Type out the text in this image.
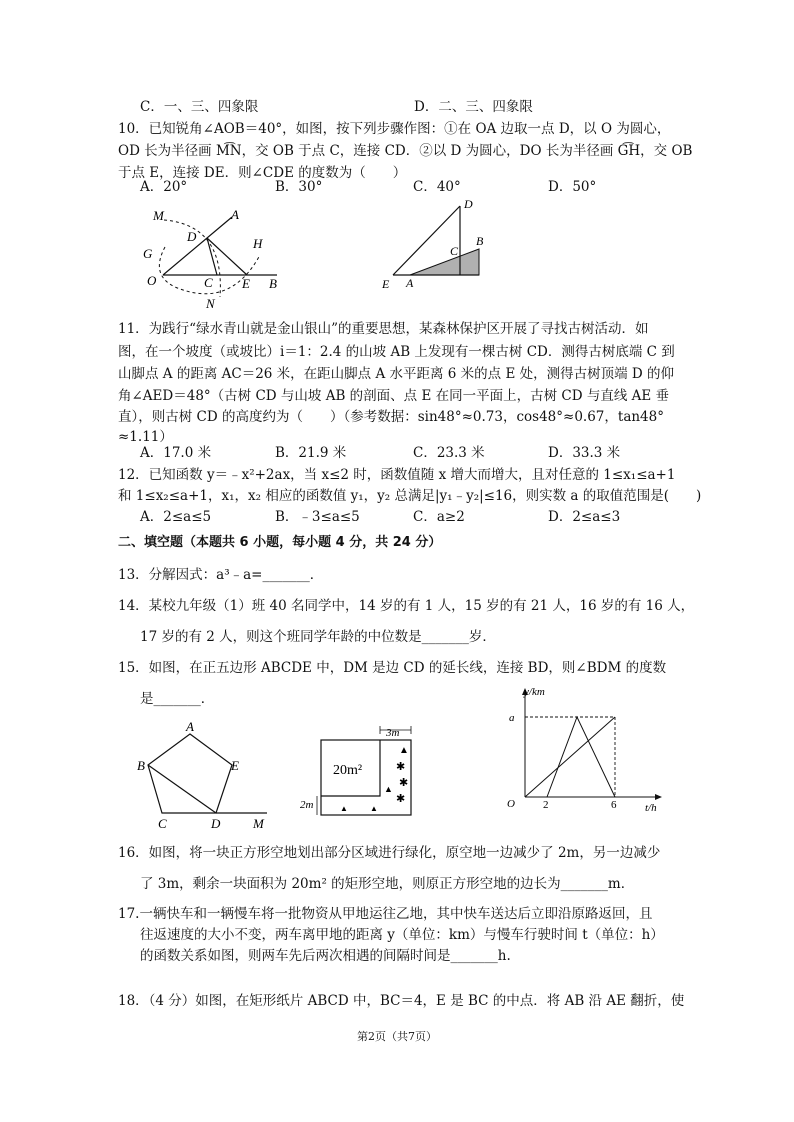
C．一、三、四象限	D．二、三、四象限
10．已知锐角∠AOB＝40°，如图，按下列步骤作图：①在 OA 边取一点 D，以 O 为圆心，
OD 长为半径画 M͡N，交 OB 于点 C，连接 CD．②以 D 为圆心，DO 长为半径画 G͡H，交 OB
于点 E，连接 DE．则∠CDE 的度数为（　　）
A．20°	B．30°	C．40°	D．50°
M	A
D	H
G
O	C E B
N
D
B
C
E A
11．为践行“绿水青山就是金山银山”的重要思想，某森林保护区开展了寻找古树活动．如
图，在一个坡度（或坡比）i＝1：2.4 的山坡 AB 上发现有一棵古树 CD．测得古树底端 C 到
山脚点 A 的距离 AC＝26 米，在距山脚点 A 水平距离 6 米的点 E 处，测得古树顶端 D 的仰
角∠AED＝48°（古树 CD 与山坡 AB 的剖面、点 E 在同一平面上，古树 CD 与直线 AE 垂
直），则古树 CD 的高度约为（　　）（参考数据：sin48°≈0.73，cos48°≈0.67，tan48°
≈1.11）
A．17.0 米	B．21.9 米	C．23.3 米	D．33.3 米
12．已知函数 y＝﹣x²+2ax，当 x≤2 时，函数值随 x 增大而增大，且对任意的 1≤x₁≤a+1
和 1≤x₂≤a+1，x₁，x₂ 相应的函数值 y₁，y₂ 总满足|y₁﹣y₂|≤16，则实数 a 的取值范围是(　　)
A．2≤a≤5	B．﹣3≤a≤5	C．a≥2	D．2≤a≤3
二、填空题（本题共 6 小题，每小题 4 分，共 24 分）
13．分解因式：a³﹣a=_______．
14．某校九年级（1）班 40 名同学中，14 岁的有 1 人，15 岁的有 21 人，16 岁的有 16 人，
17 岁的有 2 人，则这个班同学年龄的中位数是_______岁．
15．如图，在正五边形 ABCDE 中，DM 是边 CD 的延长线，连接 BD，则∠BDM 的度数
是_______．
A
B	E
C	D	M
20m²
3m
2m
▲
✱
✱
▲
✱
▲	▲
y/km
t/h
a
O	2	6
16．如图，将一块正方形空地划出部分区域进行绿化，原空地一边减少了 2m，另一边减少
了 3m，剩余一块面积为 20m² 的矩形空地，则原正方形空地的边长为_______m．
17.一辆快车和一辆慢车将一批物资从甲地运往乙地，其中快车送达后立即沿原路返回，且
往返速度的大小不变，两车离甲地的距离 y（单位：km）与慢车行驶时间 t（单位：h）
的函数关系如图，则两车先后两次相遇的间隔时间是_______h.
18．（4 分）如图，在矩形纸片 ABCD 中，BC＝4，E 是 BC 的中点．将 AB 沿 AE 翻折，使
第2页（共7页）
